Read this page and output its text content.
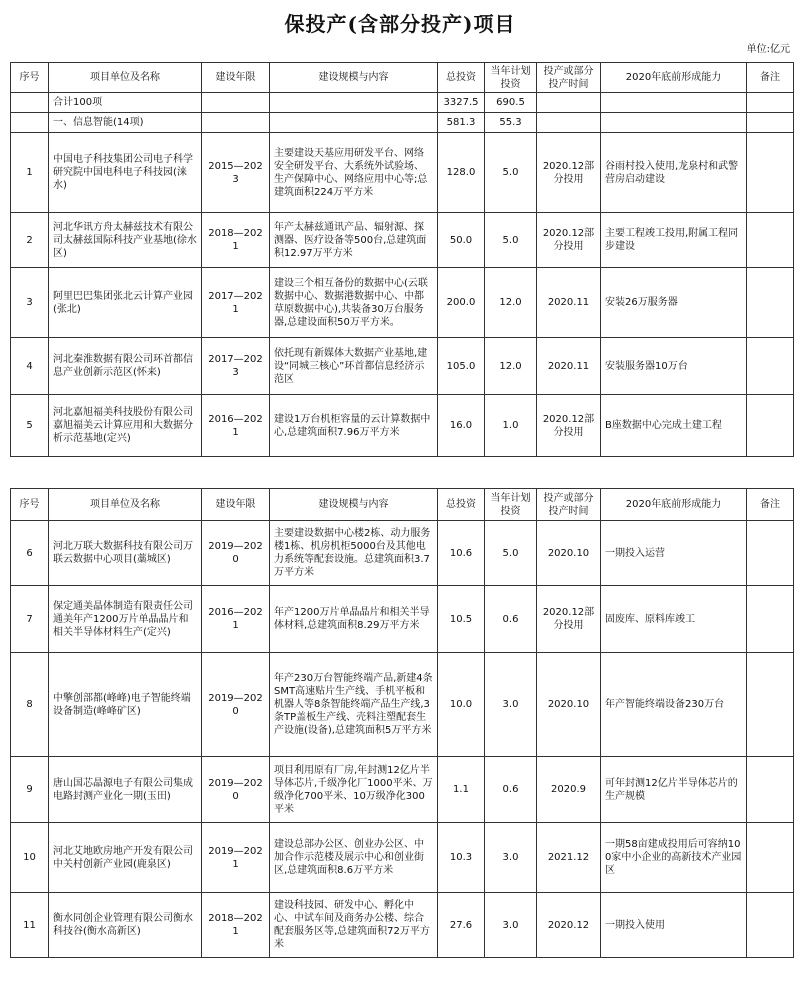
保投产(含部分投产)项目
单位:亿元
序号	项目单位及名称	建设年限	建设规模与内容	总投资	当年计划投资	投产或部分投产时间	2020年底前形成能力	备注
	合计100项			3327.5	690.5			
	一、信息智能(14项)			581.3	55.3			
1	中国电子科技集团公司电子科学研究院中国电科电子科技园(涞水)	2015—2023	主要建设天基应用研发平台、网络安全研发平台、大系统外试验场、生产保障中心、网络应用中心等;总建筑面积224万平方米	128.0	5.0	2020.12部分投用	谷雨村投入使用,龙泉村和武警营房启动建设	
2	河北华讯方舟太赫兹技术有限公司太赫兹国际科技产业基地(徐水区)	2018—2021	年产太赫兹通讯产品、辐射源、探测器、医疗设备等500台,总建筑面积12.97万平方米	50.0	5.0	2020.12部分投用	主要工程竣工投用,附属工程同步建设	
3	阿里巴巴集团张北云计算产业园(张北)	2017—2021	建设三个相互备份的数据中心(云联数据中心、数据港数据中心、中都草原数据中心),共装备30万台服务器,总建设面积50万平方米。	200.0	12.0	2020.11	安装26万服务器	
4	河北秦淮数据有限公司环首都信息产业创新示范区(怀来)	2017—2023	依托现有新媒体大数据产业基地,建设“同城三核心”环首都信息经济示范区	105.0	12.0	2020.11	安装服务器10万台	
5	河北嘉旭福美科技股份有限公司嘉旭福美云计算应用和大数据分析示范基地(定兴)	2016—2021	建设1万台机柜容量的云计算数据中心,总建筑面积7.96万平方米	16.0	1.0	2020.12部分投用	B座数据中心完成土建工程	
序号	项目单位及名称	建设年限	建设规模与内容	总投资	当年计划投资	投产或部分投产时间	2020年底前形成能力	备注
6	河北万联大数据科技有限公司万联云数据中心项目(藁城区)	2019—2020	主要建设数据中心楼2栋、动力服务楼1栋、机房机柜5000台及其他电力系统等配套设施。总建筑面积3.7万平方米	10.6	5.0	2020.10	一期投入运营	
7	保定通美晶体制造有限责任公司通美年产1200万片单晶晶片和相关半导体材料生产(定兴)	2016—2021	年产1200万片单晶晶片和相关半导体材料,总建筑面积8.29万平方米	10.5	0.6	2020.12部分投用	固废库、原料库竣工	
8	中擎创部都(峰峰)电子智能终端设备制造(峰峰矿区)	2019—2020	年产230万台智能终端产品,新建4条SMT高速贴片生产线、手机平板和机器人等8条智能终端产品生产线,3条TP盖板生产线、壳料注塑配套生产设施(设备),总建筑面积5万平方米	10.0	3.0	2020.10	年产智能终端设备230万台	
9	唐山国芯晶源电子有限公司集成电路封测产业化一期(玉田)	2019—2020	项目利用原有厂房,年封测12亿片半导体芯片,千级净化厂1000平米、万级净化700平米、10万级净化300平米	1.1	0.6	2020.9	可年封测12亿片半导体芯片的生产规模	
10	河北艾地欧房地产开发有限公司中关村创新产业园(鹿泉区)	2019—2021	建设总部办公区、创业办公区、中加合作示范楼及展示中心和创业街区,总建筑面积8.6万平方米	10.3	3.0	2021.12	一期58亩建成投用后可容纳100家中小企业的高新技术产业园区	
11	衡水同创企业管理有限公司衡水科技谷(衡水高新区)	2018—2021	建设科技园、研发中心、孵化中心、中试车间及商务办公楼、综合配套服务区等,总建筑面积72万平方米	27.6	3.0	2020.12	一期投入使用	
